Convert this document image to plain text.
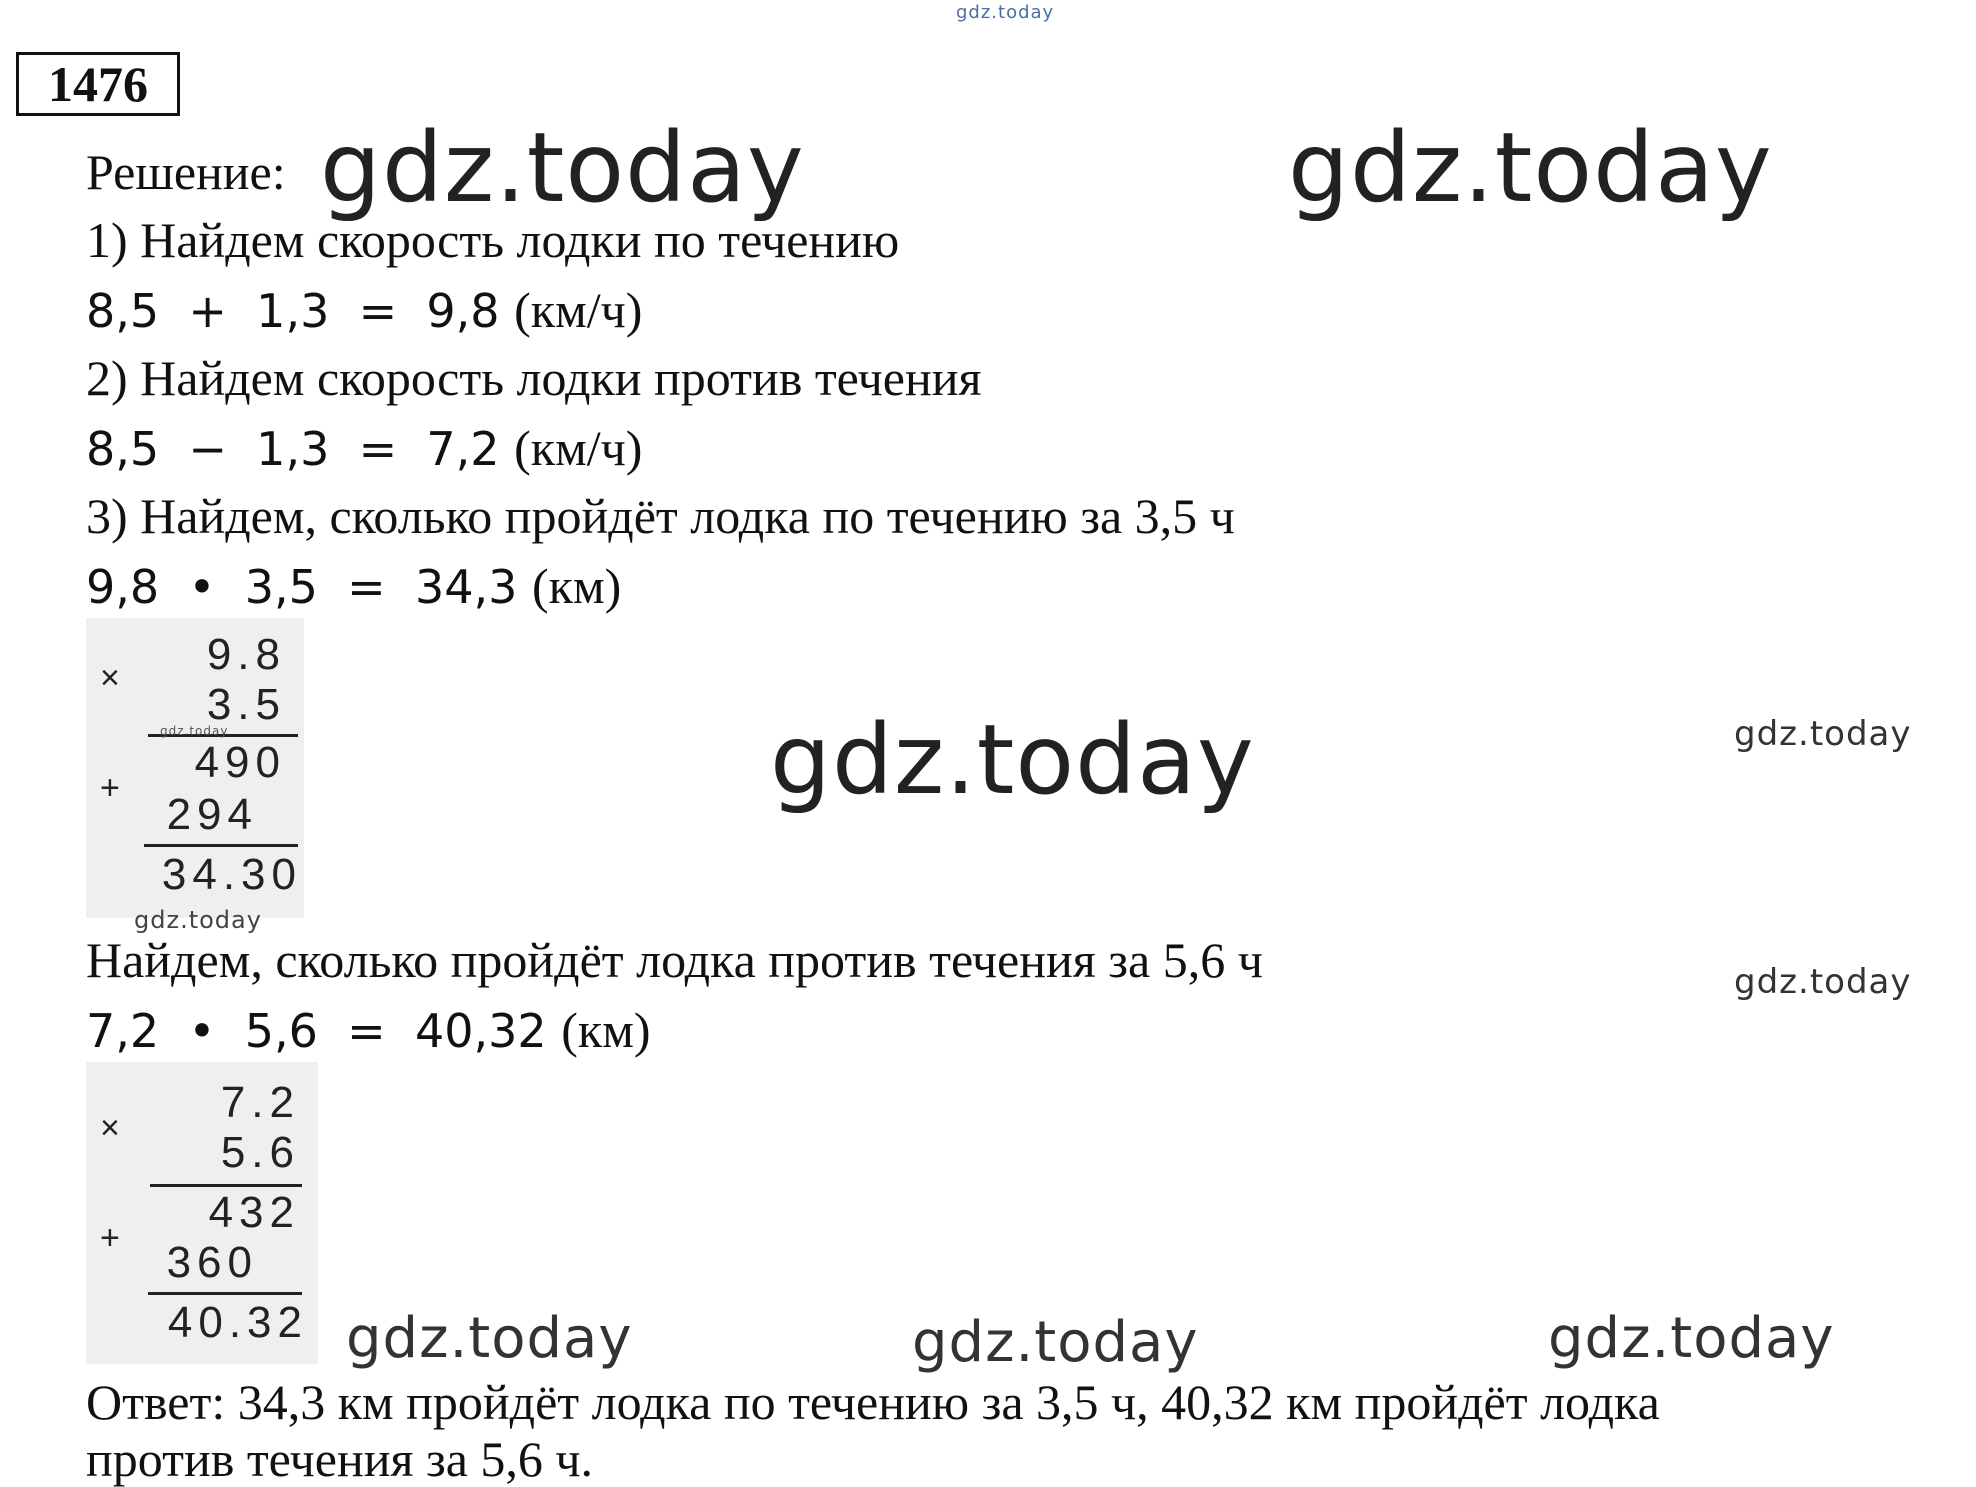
gdz.today
1476
Решение: gdz.today	gdz.today
1) Найдем скорость лодки по течению
8,5  +  1,3  =  9,8 (км/ч)
2) Найдем скорость лодки против течения
8,5  −  1,3  =  7,2 (км/ч)
3) Найдем, сколько пройдёт лодка по течению за 3,5 ч
9,8  •  3,5  =  34,3 (км)
× 9.8
3.5
gdz.today
+
490
294
34.30
gdz.today
gdz.today	gdz.today
gdz.today
Найдем, сколько пройдёт лодка против течения за 5,6 ч
7,2  •  5,6  =  40,32 (км)
×
7.2
5.6
+
432
360
40.32 gdz.today	gdz.today	gdz.today
Ответ: 34,3 км пройдёт лодка по течению за 3,5 ч, 40,32 км пройдёт лодка
против течения за 5,6 ч.
